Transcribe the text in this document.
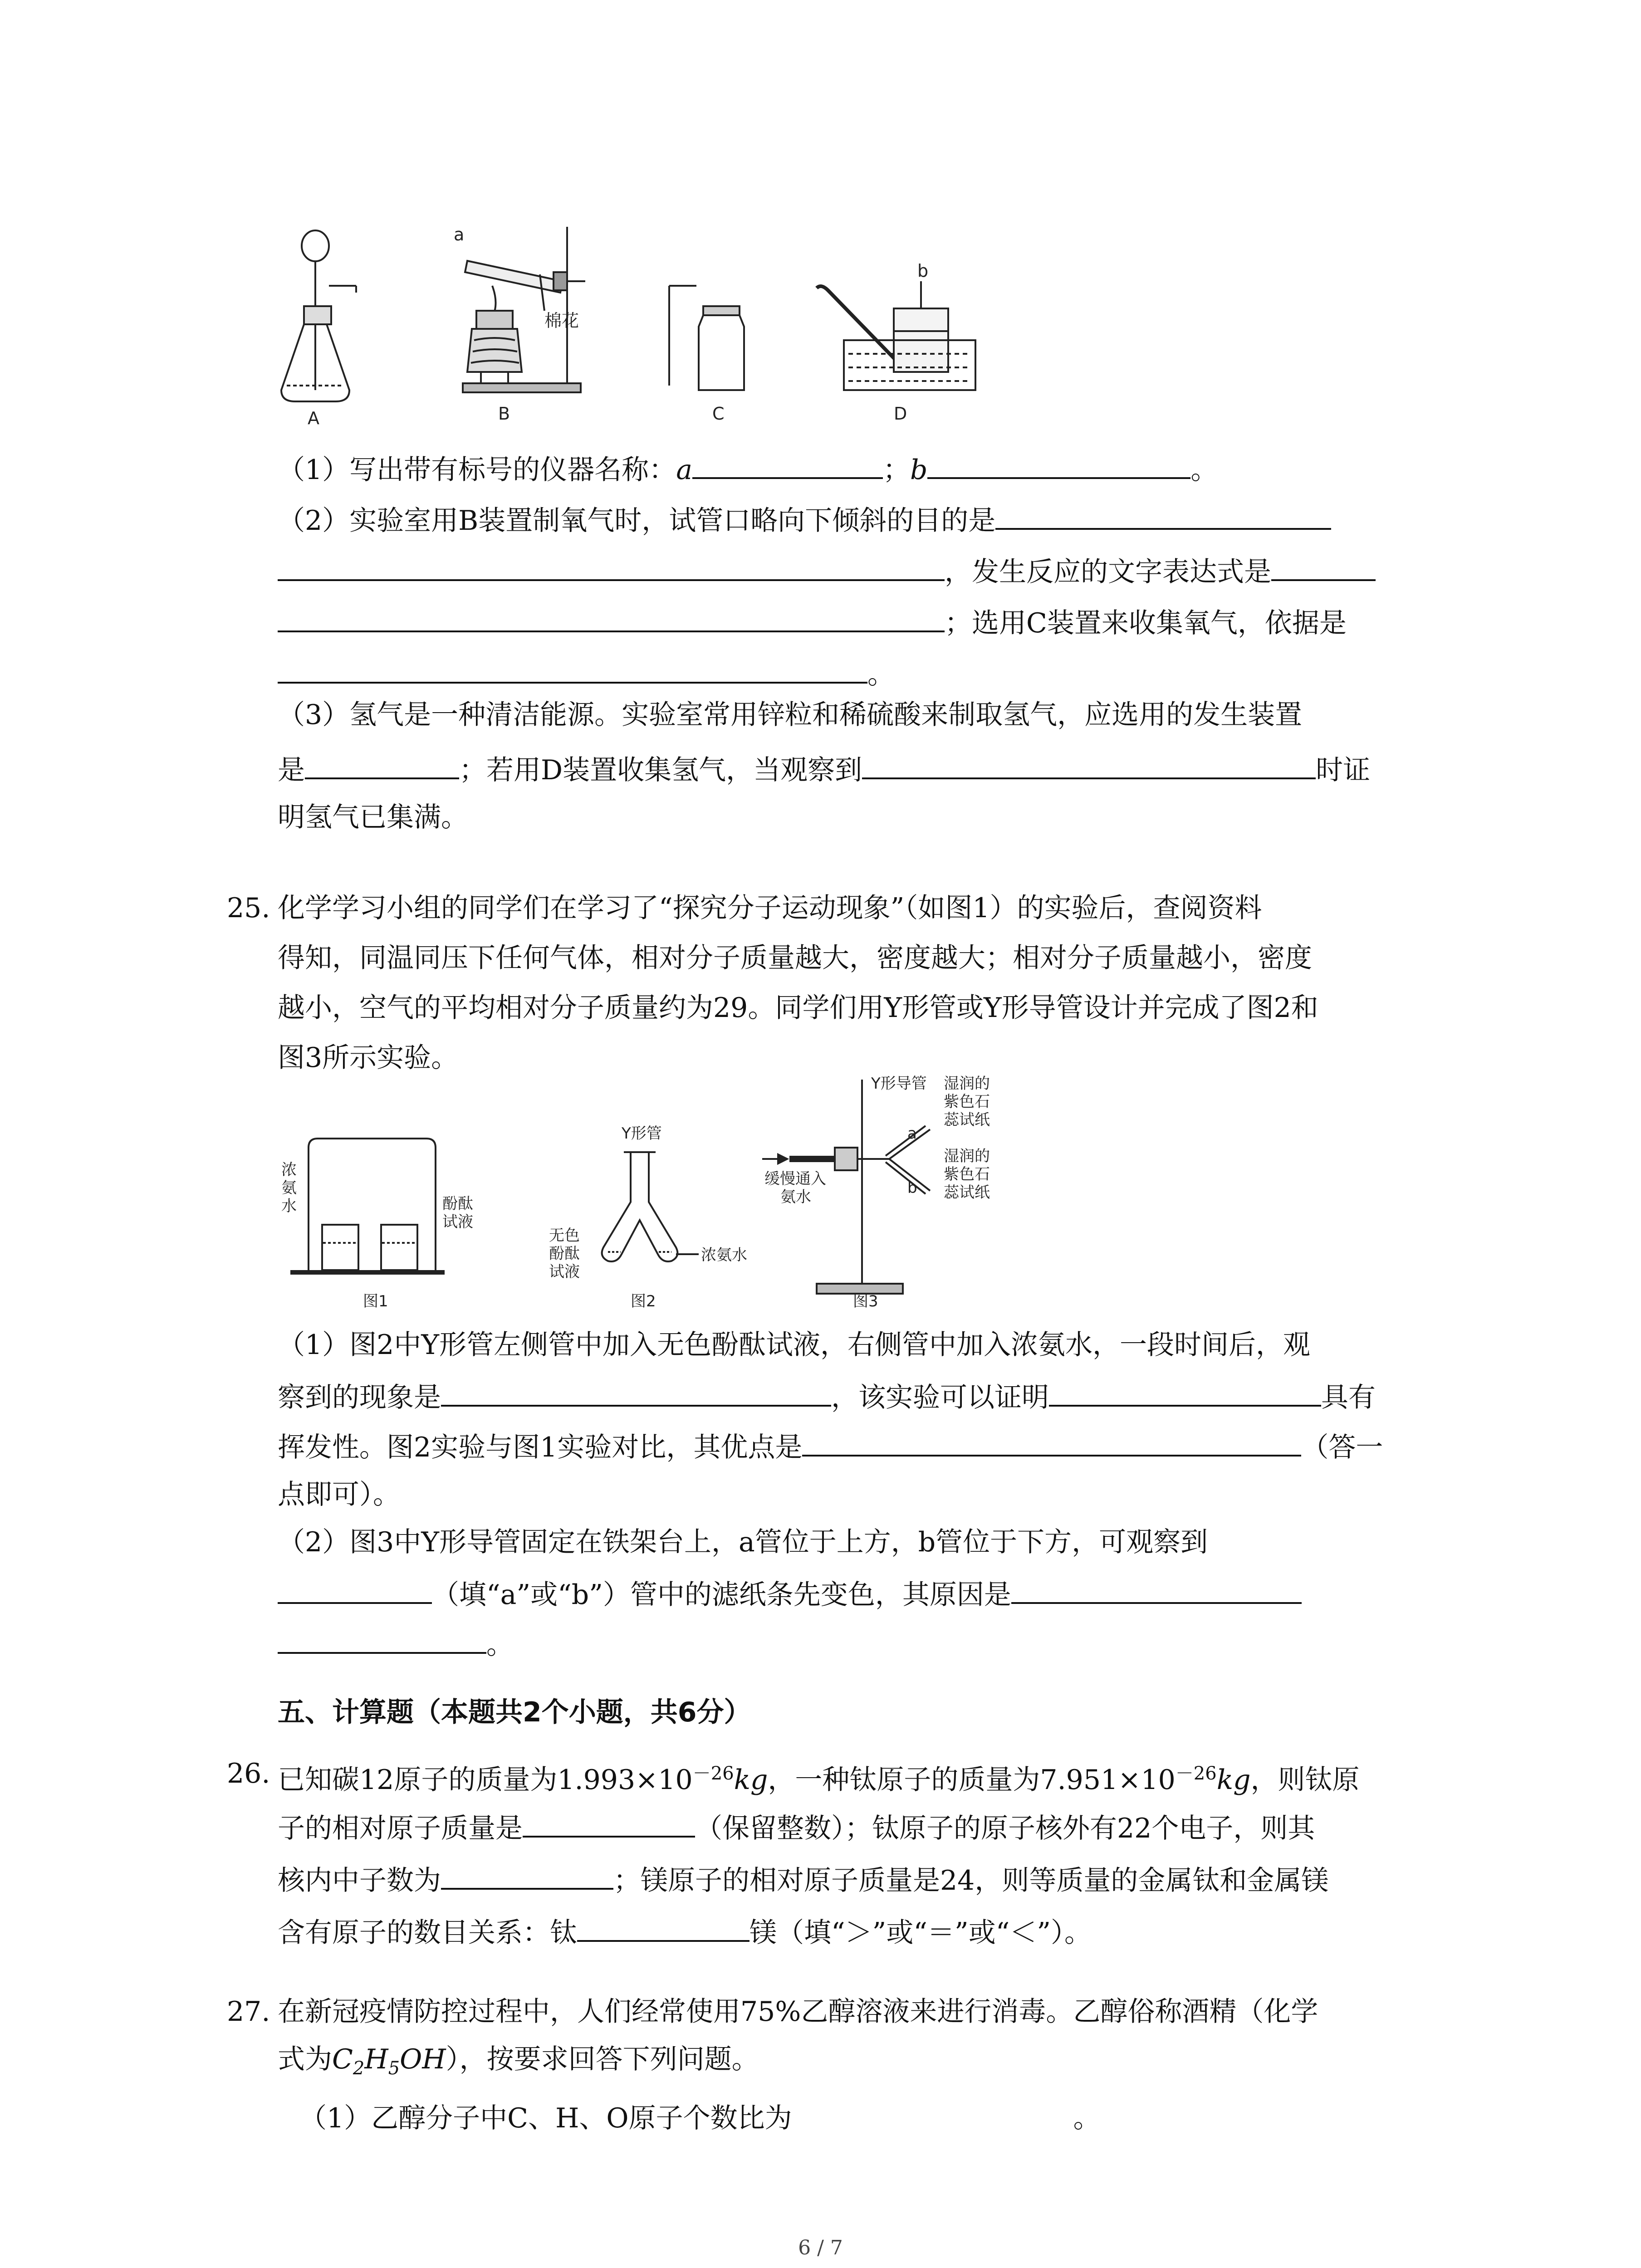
A
a
棉花
B	C
b
D
（1）写出带有标号的仪器名称：a	；b	。
（2）实验室用B装置制氧气时，试管口略向下倾斜的目的是
，发生反应的文字表达式是
；选用C装置来收集氧气，依据是
。
（3）氢气是一种清洁能源。实验室常用锌粒和稀硫酸来制取氢气，应选用的发生装置
是	；若用D装置收集氢气，当观察到	时证
明氢气已集满。
25. 化学学习小组的同学们在学习了“探究分子运动现象”（如图1）的实验后，查阅资料
得知，同温同压下任何气体，相对分子质量越大，密度越大；相对分子质量越小，密度
越小，空气的平均相对分子质量约为29。同学们用Y形管或Y形导管设计并完成了图2和
图3所示实验。
浓
氨
水	酚酞
试液
图1
Y形管
无色
酚酞
试液
浓氨水
图2
Y形导管
a
b
缓慢通入
氨水
湿润的
紫色石
蕊试纸
湿润的
紫色石
蕊试纸
图3
（1）图2中Y形管左侧管中加入无色酚酞试液，右侧管中加入浓氨水，一段时间后，观
察到的现象是	，该实验可以证明	具有
挥发性。图2实验与图1实验对比，其优点是	（答一
点即可）。
（2）图3中Y形导管固定在铁架台上，a管位于上方，b管位于下方，可观察到
（填“a”或“b”）管中的滤纸条先变色，其原因是
。
五、计算题（本题共2个小题，共6分）
26. 已知碳12原子的质量为$1.993\times 10^{-26}kg$，一种钛原子的质量为$7.951\times 10^{-26}kg$，则钛原
子的相对原子质量是	（保留整数）；钛原子的原子核外有22个电子，则其
核内中子数为	；镁原子的相对原子质量是24，则等质量的金属钛和金属镁
含有原子的数目关系：钛	镁（填“＞”或“＝”或“＜”）。
27. 在新冠疫情防控过程中，人们经常使用75%乙醇溶液来进行消毒。乙醇俗称酒精（化学
式为$C_2H_5OH$），按要求回答下列问题。
（1）乙醇分子中C、H、O原子个数比为	。
6 / 7
